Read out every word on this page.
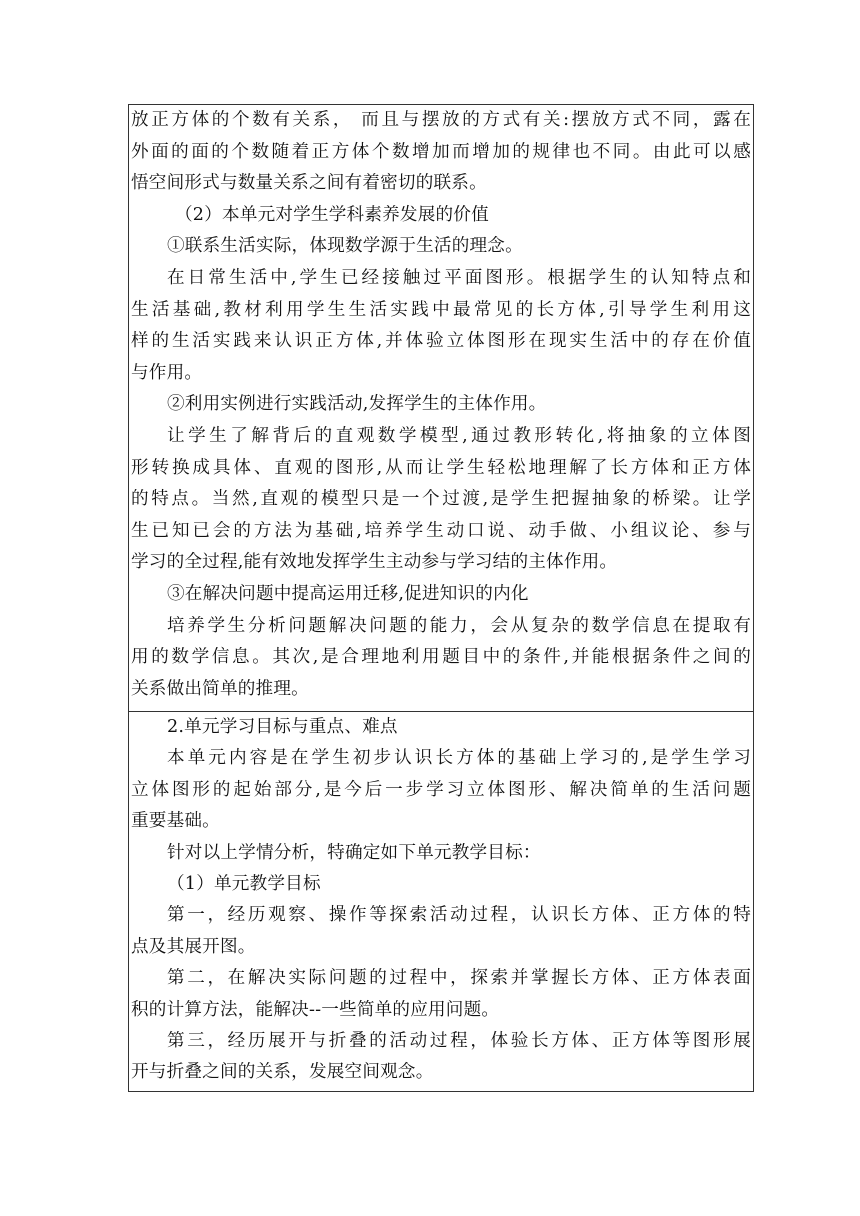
放正方体的个数有关系， 而且与摆放的方式有关:摆放方式不同，露在
外面的面的个数随着正方体个数增加而增加的规律也不同。由此可以感
悟空间形式与数量关系之间有着密切的联系。
（2）本单元对学生学科素养发展的价值
①联系生活实际，体现数学源于生活的理念。
在日常生活中,学生已经接触过平面图形。根据学生的认知特点和
生活基础,教材利用学生生活实践中最常见的长方体,引导学生利用这
样的生活实践来认识正方体,并体验立体图形在现实生活中的存在价值
与作用。
②利用实例进行实践活动,发挥学生的主体作用。
让学生了解背后的直观数学模型,通过教形转化,将抽象的立体图
形转换成具体、直观的图形,从而让学生轻松地理解了长方体和正方体
的特点。当然,直观的模型只是一个过渡,是学生把握抽象的桥梁。让学
生已知已会的方法为基础,培养学生动口说、动手做、小组议论、参与
学习的全过程,能有效地发挥学生主动参与学习结的主体作用。
③在解决问题中提高运用迁移,促进知识的内化
培养学生分析问题解决问题的能力，会从复杂的数学信息在提取有
用的数学信息。其次,是合理地利用题目中的条件,并能根据条件之间的
关系做出简单的推理。
2.单元学习目标与重点、难点
本单元内容是在学生初步认识长方体的基础上学习的,是学生学习
立体图形的起始部分,是今后一步学习立体图形、解决简单的生活问题
重要基础。
针对以上学情分析，特确定如下单元教学目标：
（1）单元教学目标
第一，经历观察、操作等探索活动过程，认识长方体、正方体的特
点及其展开图。
第二，在解决实际问题的过程中，探索并掌握长方体、正方体表面
积的计算方法，能解决--一些简单的应用问题。
第三，经历展开与折叠的活动过程，体验长方体、正方体等图形展
开与折叠之间的关系，发展空间观念。
